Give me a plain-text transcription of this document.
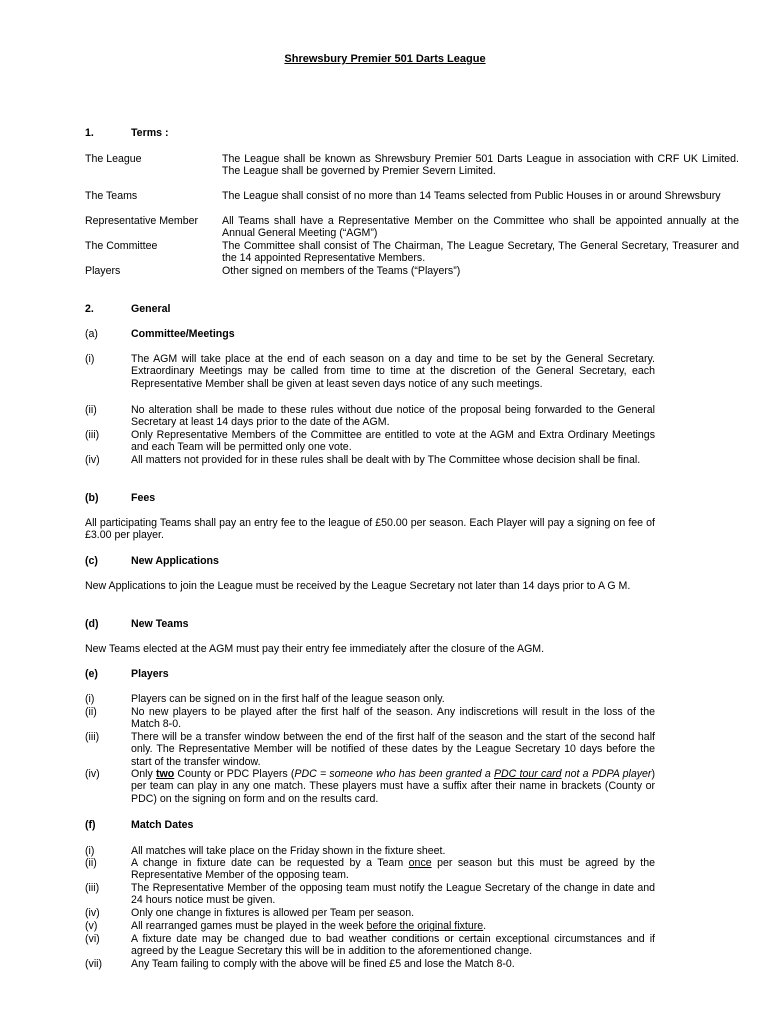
Shrewsbury Premier 501 Darts League
1.	Terms :
The League	The League shall be known as Shrewsbury Premier 501 Darts League in association with CRF UK Limited. The League shall be governed by Premier Severn Limited.
The Teams	The League shall consist of no more than 14 Teams selected from Public Houses in or around Shrewsbury
Representative Member	All Teams shall have a Representative Member on the Committee who shall be appointed annually at the Annual General Meeting (“AGM”)
The Committee	The Committee shall consist of The Chairman, The League Secretary, The General Secretary, Treasurer and the 14 appointed Representative Members.
Players	Other signed on members of the Teams (“Players”)
2.	General
(a)	Committee/Meetings
(i)	The AGM will take place at the end of each season on a day and time to be set by the General Secretary. Extraordinary Meetings may be called from time to time at the discretion of the General Secretary, each Representative Member shall be given at least seven days notice of any such meetings.
(ii)	No alteration shall be made to these rules without due notice of the proposal being forwarded to the General Secretary at least 14 days prior to the date of the AGM.
(iii)	Only Representative Members of the Committee are entitled to vote at the AGM and Extra Ordinary Meetings and each Team will be permitted only one vote.
(iv)	All matters not provided for in these rules shall be dealt with by The Committee whose decision shall be final.
(b)	Fees
All participating Teams shall pay an entry fee to the league of £50.00 per season. Each Player will pay a signing on fee of £3.00 per player.
(c)	New Applications
New Applications to join the League must be received by the League Secretary not later than 14 days prior to A G M.
(d)	New Teams
New Teams elected at the AGM must pay their entry fee immediately after the closure of the AGM.
(e)	Players
(i)	Players can be signed on in the first half of the league season only.
(ii)	No new players to be played after the first half of the season. Any indiscretions will result in the loss of the Match 8-0.
(iii)	There will be a transfer window between the end of the first half of the season and the start of the second half only. The Representative Member will be notified of these dates by the League Secretary 10 days before the start of the transfer window.
(iv)	Only two County or PDC Players (PDC = someone who has been granted a PDC tour card not a PDPA player) per team can play in any one match. These players must have a suffix after their name in brackets (County or PDC) on the signing on form and on the results card.
(f)	Match Dates
(i)	All matches will take place on the Friday shown in the fixture sheet.
(ii)	A change in fixture date can be requested by a Team once per season but this must be agreed by the Representative Member of the opposing team.
(iii)	The Representative Member of the opposing team must notify the League Secretary of the change in date and 24 hours notice must be given.
(iv)	Only one change in fixtures is allowed per Team per season.
(v)	All rearranged games must be played in the week before the original fixture.
(vi)	A fixture date may be changed due to bad weather conditions or certain exceptional circumstances and if agreed by the League Secretary this will be in addition to the aforementioned change.
(vii)	Any Team failing to comply with the above will be fined £5 and lose the Match 8-0.
